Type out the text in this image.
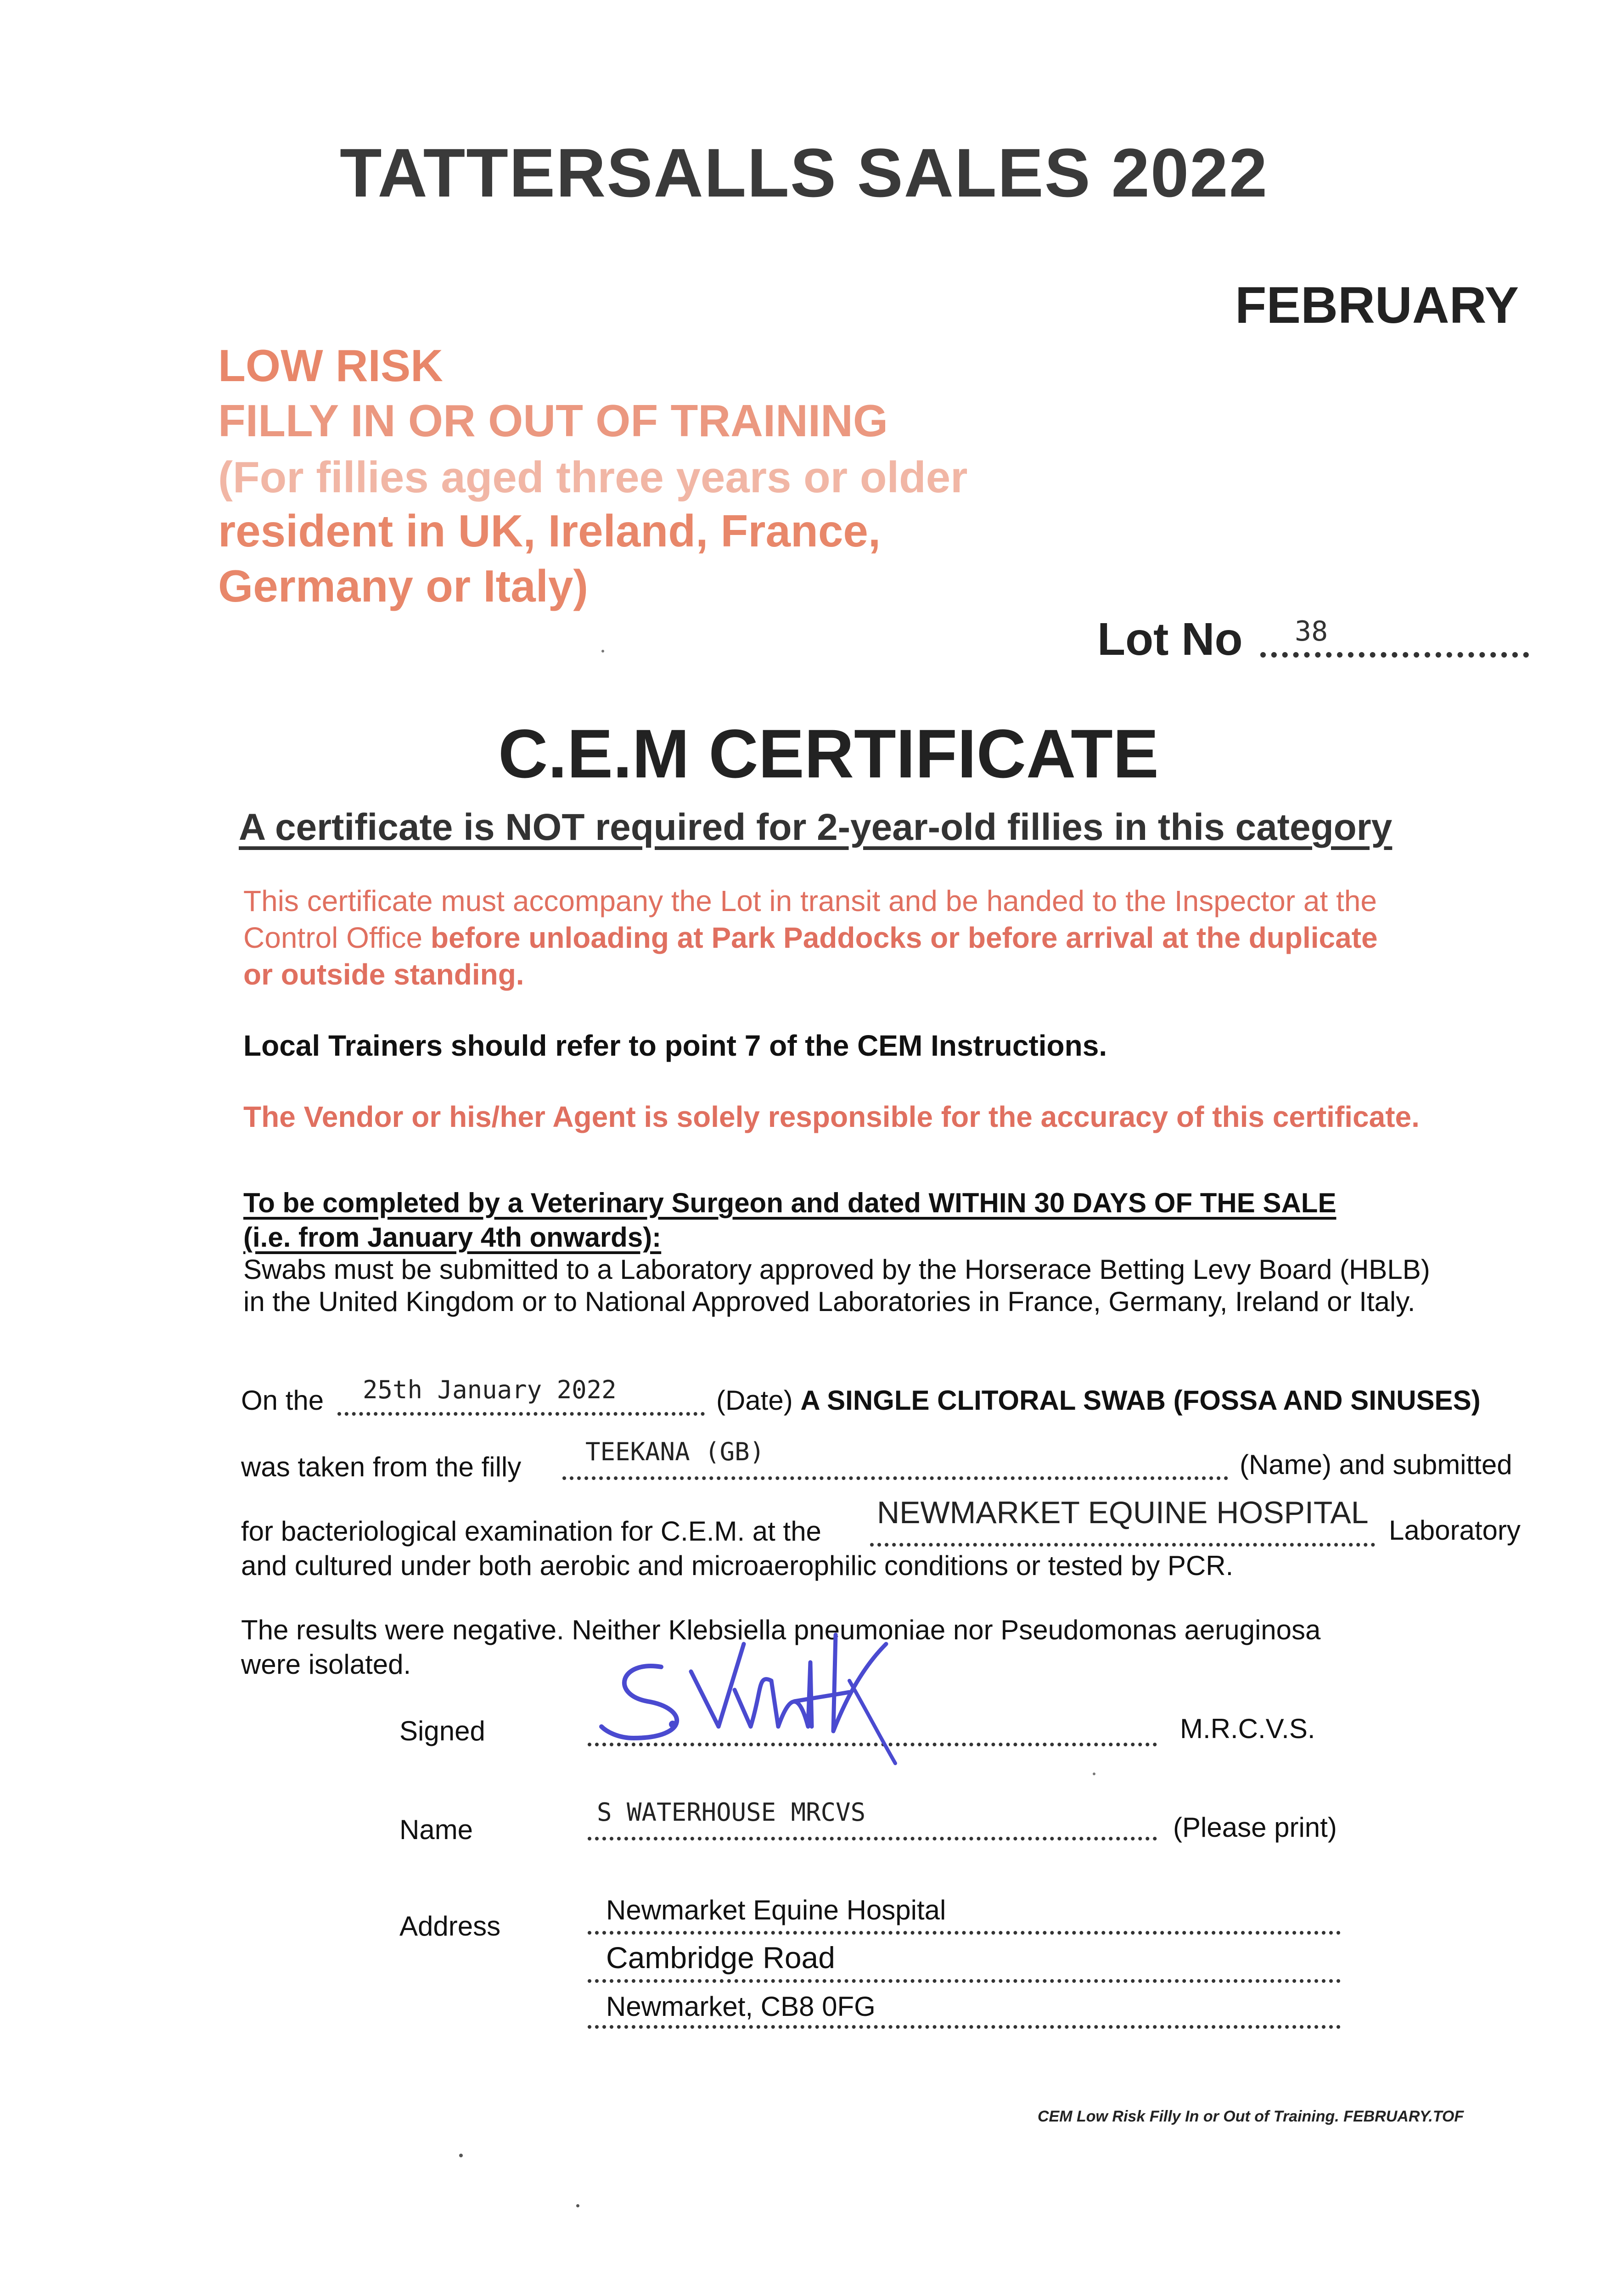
TATTERSALLS SALES 2022
FEBRUARY
LOW RISK
FILLY IN OR OUT OF TRAINING
(For fillies aged three years or older
resident in UK, Ireland, France,
Germany or Italy)
Lot No 38
C.E.M CERTIFICATE
A certificate is NOT required for 2-year-old fillies in this category
This certificate must accompany the Lot in transit and be handed to the Inspector at the
Control Office before unloading at Park Paddocks or before arrival at the duplicate
or outside standing.
Local Trainers should refer to point 7 of the CEM Instructions.
The Vendor or his/her Agent is solely responsible for the accuracy of this certificate.
To be completed by a Veterinary Surgeon and dated WITHIN 30 DAYS OF THE SALE
(i.e. from January 4th onwards):
Swabs must be submitted to a Laboratory approved by the Horserace Betting Levy Board (HBLB)
in the United Kingdom or to National Approved Laboratories in France, Germany, Ireland or Italy.
On the 25th January 2022	(Date) A SINGLE CLITORAL SWAB (FOSSA AND SINUSES)
was taken from the filly	TEEKANA (GB)	(Name) and submitted
for bacteriological examination for C.E.M. at the
NEWMARKET EQUINE HOSPITAL
Laboratory
and cultured under both aerobic and microaerophilic conditions or tested by PCR.
The results were negative. Neither Klebsiella pneumoniae nor Pseudomonas aeruginosa
were isolated.
Signed	M.R.C.V.S.
Name
S WATERHOUSE MRCVS	(Please print)
Address
Newmarket Equine Hospital
Cambridge Road
Newmarket, CB8 0FG
CEM Low Risk Filly In or Out of Training. FEBRUARY.TOF
